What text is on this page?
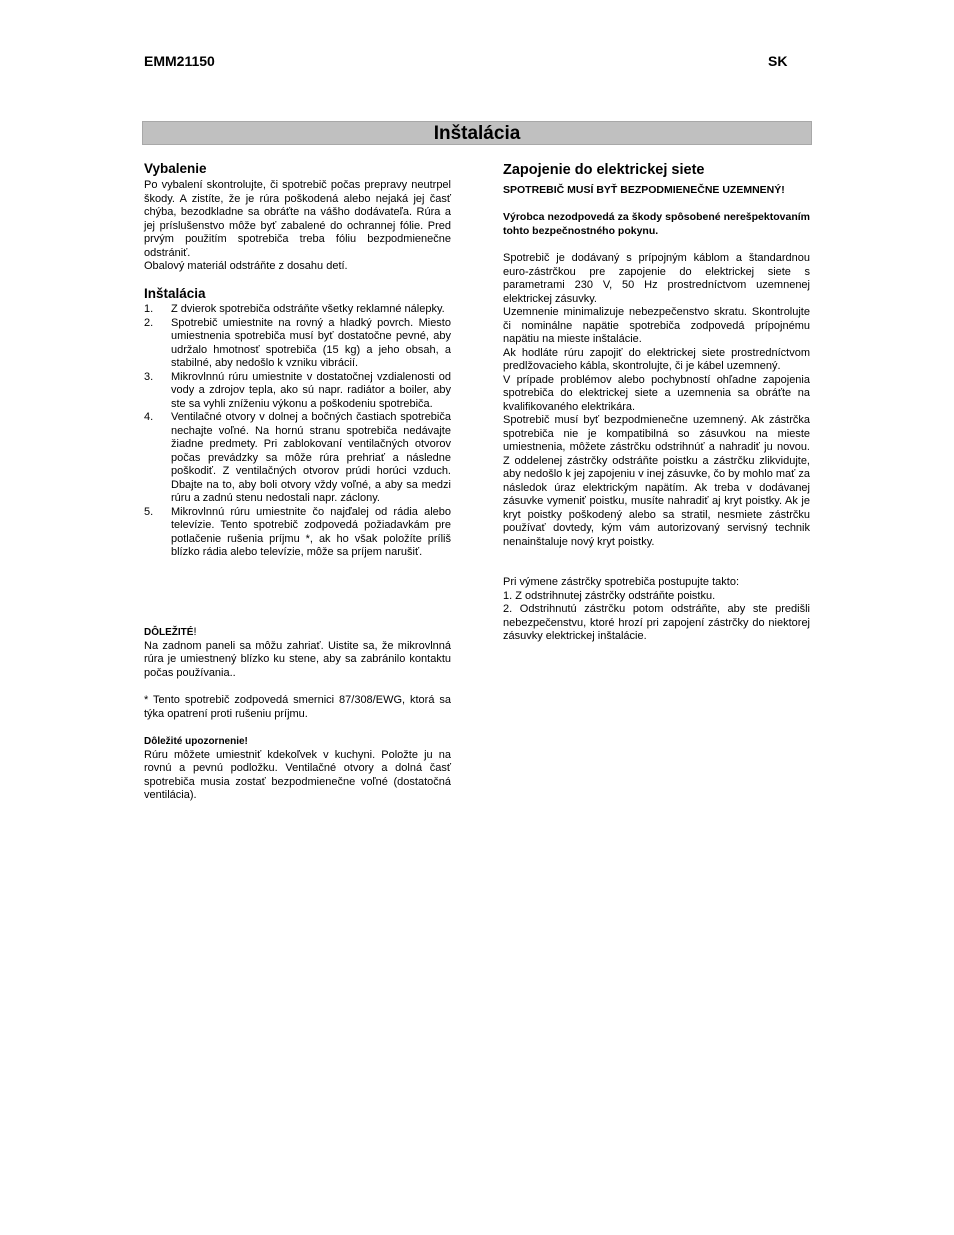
EMM21150	SK
Inštalácia
Vybalenie
Po vybalení skontrolujte, či spotrebič počas prepravy neutrpel škody. A zistíte, že je rúra poškodená alebo nejaká jej časť chýba, bezodkladne sa obráťte na vášho dodávateľa. Rúra a jej príslušenstvo môže byť zabalené do ochrannej fólie. Pred prvým použitím spotrebiča treba fóliu bezpodmienečne odstrániť.
Obalový materiál odstráňte z dosahu detí.
Inštalácia
1. Z dvierok spotrebiča odstráňte všetky reklamné nálepky.
2. Spotrebič umiestnite na rovný a hladký povrch. Miesto umiestnenia spotrebiča musí byť dostatočne pevné, aby udržalo hmotnosť spotrebiča (15 kg) a jeho obsah, a stabilné, aby nedošlo k vzniku vibrácií.
3. Mikrovlnnú rúru umiestnite v dostatočnej vzdialenosti od vody a zdrojov tepla, ako sú napr. radiátor a boiler, aby ste sa vyhli zníženiu výkonu a poškodeniu spotrebiča.
4. Ventilačné otvory v dolnej a bočných častiach spotrebiča nechajte voľné. Na hornú stranu spotrebiča nedávajte žiadne predmety. Pri zablokovaní ventilačných otvorov počas prevádzky sa môže rúra prehriať a následne poškodiť. Z ventilačných otvorov prúdi horúci vzduch. Dbajte na to, aby boli otvory vždy voľné, a aby sa medzi rúru a zadnú stenu nedostali napr. záclony.
5. Mikrovlnnú rúru umiestnite čo najďalej od rádia alebo televízie. Tento spotrebič zodpovedá požiadavkám pre potlačenie rušenia príjmu *, ak ho však položíte príliš blízko rádia alebo televízie, môže sa príjem narušiť.
DÔLEŽITÉ!
Na zadnom paneli sa môžu zahriať. Uistite sa, že mikrovlnná rúra je umiestnený blízko ku stene, aby sa zabránilo kontaktu počas používania..
* Tento spotrebič zodpovedá smernici 87/308/EWG, ktorá sa týka opatrení proti rušeniu príjmu.
Dôležité upozornenie!
Rúru môžete umiestniť kdekoľvek v kuchyni. Položte ju na rovnú a pevnú podložku. Ventilačné otvory a dolná časť spotrebiča musia zostať bezpodmienečne voľné (dostatočná ventilácia).
Zapojenie do elektrickej siete
SPOTREBIČ MUSÍ BYŤ BEZPODMIENEČNE UZEMNENÝ!
Výrobca nezodpovedá za škody spôsobené nerešpektovaním tohto bezpečnostného pokynu.
Spotrebič je dodávaný s prípojným káblom a štandardnou euro-zástrčkou pre zapojenie do elektrickej siete s parametrami 230 V, 50 Hz prostredníctvom uzemnenej elektrickej zásuvky.
Uzemnenie minimalizuje nebezpečenstvo skratu. Skontrolujte či nominálne napätie spotrebiča zodpovedá prípojnému napätiu na mieste inštalácie.
Ak hodláte rúru zapojiť do elektrickej siete prostredníctvom predlžovacieho kábla, skontrolujte, či je kábel uzemnený.
V prípade problémov alebo pochybností ohľadne zapojenia spotrebiča do elektrickej siete a uzemnenia sa obráťte na kvalifikovaného elektrikára.
Spotrebič musí byť bezpodmienečne uzemnený. Ak zástrčka spotrebiča nie je kompatibilná so zásuvkou na mieste umiestnenia, môžete zástrčku odstrihnúť a nahradiť ju novou. Z oddelenej zástrčky odstráňte poistku a zástrčku zlikvidujte, aby nedošlo k jej zapojeniu v inej zásuvke, čo by mohlo mať za následok úraz elektrickým napätím. Ak treba v dodávanej zásuvke vymeniť poistku, musíte nahradiť aj kryt poistky. Ak je kryt poistky poškodený alebo sa stratil, nesmiete zástrčku používať dovtedy, kým vám autorizovaný servisný technik nenainštaluje nový kryt poistky.
Pri výmene zástrčky spotrebiča postupujte takto:
1. Z odstrihnutej zástrčky odstráňte poistku.
2. Odstrihnutú zástrčku potom odstráňte, aby ste predišli nebezpečenstvu, ktoré hrozí pri zapojení zástrčky do niektorej zásuvky elektrickej inštalácie.
